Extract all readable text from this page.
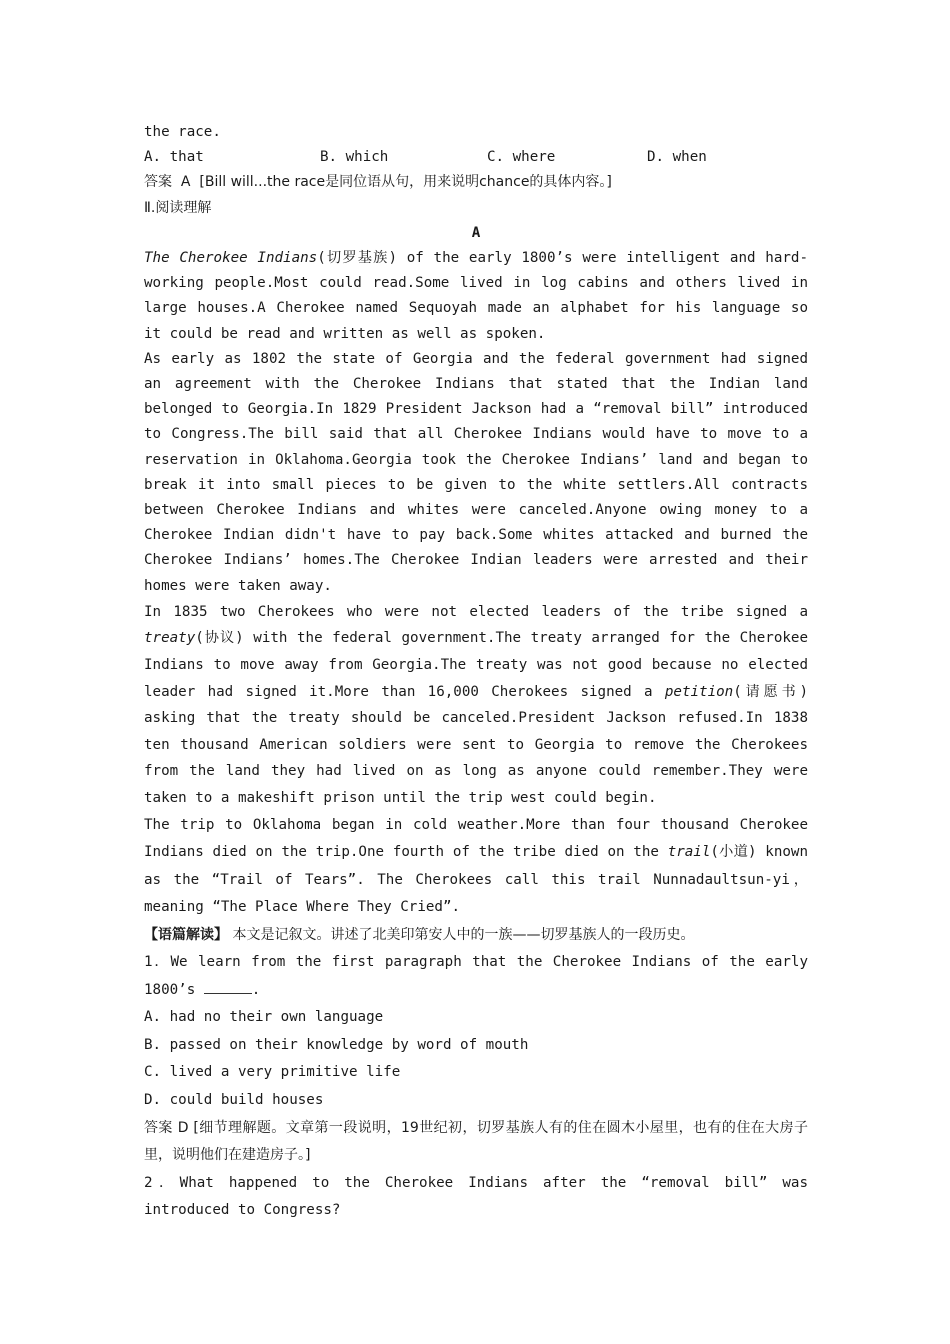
the race.
A. that	B. which	C. where	D. when
答案  A  [Bill will...the race是同位语从句，用来说明chance的具体内容。]
Ⅱ.阅读理解
A
The Cherokee Indians(切罗基族) of the early 1800’s were intelligent and hard-working people.Most could read.Some lived in log cabins and others lived in large houses.A Cherokee named Sequoyah made an alphabet for his language so it could be read and written as well as spoken.
As early as 1802 the state of Georgia and the federal government had signed an agreement with the Cherokee Indians that stated that the Indian land belonged to Georgia.In 1829 President Jackson had a “removal bill” introduced to Congress.The bill said that all Cherokee Indians would have to move to a reservation in Oklahoma.Georgia took the Cherokee Indians’ land and began to break it into small pieces to be given to the white settlers.All contracts between Cherokee Indians and whites were canceled.Anyone owing money to a Cherokee Indian didn't have to pay back.Some whites attacked and burned the Cherokee Indians’ homes.The Cherokee Indian leaders were arrested and their homes were taken away.
In 1835 two Cherokees who were not elected leaders of the tribe signed a treaty(协议) with the federal government.The treaty arranged for the Cherokee Indians to move away from Georgia.The treaty was not good because no elected leader had signed it.More than 16,000 Cherokees signed a petition(请愿书) asking that the treaty should be canceled.President Jackson refused.In 1838 ten thousand American soldiers were sent to Georgia to remove the Cherokees from the land they had lived on as long as anyone could remember.They were taken to a makeshift prison until the trip west could begin.
The trip to Oklahoma began in cold weather.More than four thousand Cherokee Indians died on the trip.One fourth of the tribe died on the trail(小道) known as the “Trail of Tears”. The Cherokees call this trail Nunnadaultsun-yi，meaning “The Place Where They Cried”.
【语篇解读】 本文是记叙文。讲述了北美印第安人中的一族——切罗基族人的一段历史。
1．We learn from the first paragraph that the Cherokee Indians of the early 1800’s	.
A. had no their own language
B. passed on their knowledge by word of mouth
C. lived a very primitive life
D. could build houses
答案 D [细节理解题。文章第一段说明，19世纪初，切罗基族人有的住在圆木小屋里，也有的住在大房子里，说明他们在建造房子。]
2．What happened to the Cherokee Indians after the “removal bill” was introduced to Congress?
